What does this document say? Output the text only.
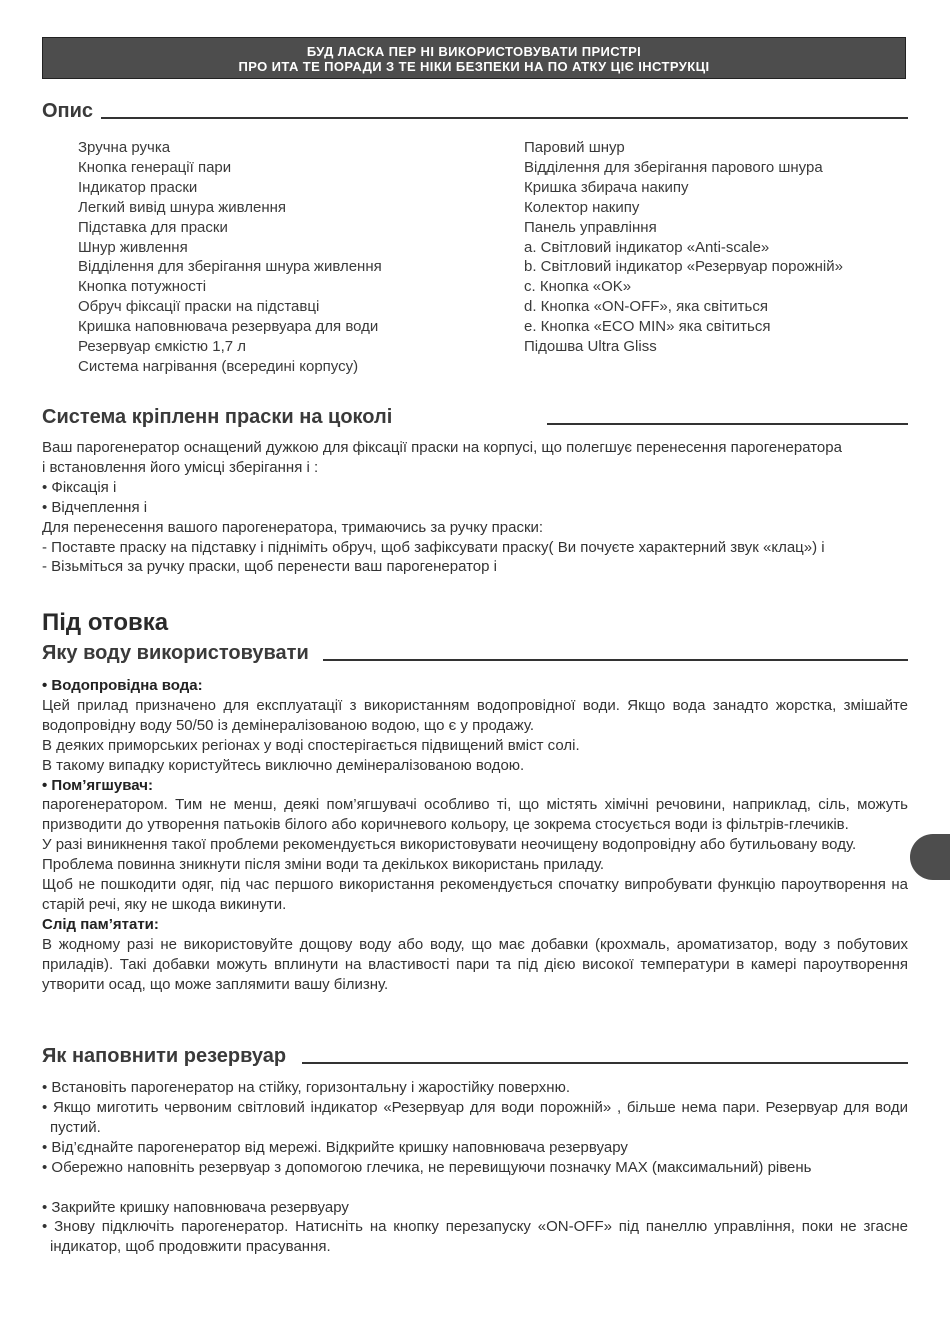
БУД ЛАСКА ПЕР НІ ВИКОРИСТОВУВАТИ ПРИСТРІ
ПРО ИТА ТЕ ПОРАДИ З ТЕ НІКИ БЕЗПЕКИ НА ПО АТКУ ЦІЄ ІНСТРУКЦІ
Опис
Зручна ручка
Кнопка генерації пари
Індикатор праски
Легкий вивід шнура живлення
Підставка для праски
Шнур живлення
Відділення для зберігання шнура живлення
Кнопка потужності
Обруч фіксації праски на підставці
Кришка наповнювача резервуара для води
Резервуар ємкістю 1,7 л
Система нагрівання (всередині корпусу)
Паровий шнур
Відділення для зберігання парового шнура
Кришка збирача накипу
Колектор накипу
Панель управління
a. Світловий індикатор «Anti-scale»
b. Світловий індикатор «Резервуар порожній»
c. Кнопка «OK»
d. Кнопка «ON-OFF», яка світиться
e. Кнопка «ECO MIN» яка світиться
Підошва Ultra Gliss
Система кріпленн праски на цоколі

Ваш парогенератор оснащений дужкою для фіксації праски на корпусі, що полегшує перенесення парогенератора

і встановлення його умісці зберігання і :

• Фіксація і

• Відчеплення і

Для перенесення вашого парогенератора, тримаючись за ручку праски:

- Поставте праску на підставку і підніміть обруч, щоб зафіксувати праску( Ви почуєте характерний звук «клац») і

- Візьміться за ручку праски, щоб перенести ваш парогенератор і

Під отовка
Яку воду використовувати

• Водопровідна вода:

Цей прилад призначено для експлуатації з використанням водопровідної води. Якщо вода занадто жорстка, змішайте водопровідну воду 50/50 із демінералізованою водою, що є у продажу.

В деяких приморських регіонах у воді спостерігається підвищений вміст солі.

В такому випадку користуйтесь виключно демінералізованою водою.

• Пом’ягшувач:

парогенератором. Тим не менш, деякі пом’ягшувачі особливо ті, що містять хімічні речовини, наприклад, сіль, можуть призводити до утворення патьоків білого або коричневого кольору, це зокрема стосується води із фільтрів-глечиків.

У разі виникнення такої проблеми рекомендується використовувати неочищену водопровідну або бутильовану воду.

Проблема повинна зникнути після зміни води та декількох використань приладу.

Щоб не пошкодити одяг, під час першого використання рекомендується спочатку випробувати функцію пароутворення на старій речі, яку не шкода викинути.

Слід пам’ятати:

В жодному разі не використовуйте дощову воду або воду, що має добавки (крохмаль, ароматизатор, воду з побутових приладів). Такі добавки можуть вплинути на властивості пари та під дією високої температури в камері пароутворення утворити осад, що може заплямити вашу білизну.

Як наповнити резервуар

• Встановіть парогенератор на стійку, горизонтальну і жаростійку поверхню.

• Якщо миготить червоним світловий індикатор «Резервуар для води порожній» , більше нема пари. Резервуар для води пустий.

• Від’єднайте парогенератор від мережі. Відкрийте кришку наповнювача резервуару

• Обережно наповніть резервуар з допомогою глечика, не перевищуючи позначку MAX (максимальний) рівень

• Закрийте кришку наповнювача резервуару

• Знову підключіть парогенератор. Натисніть на кнопку перезапуску «ON-OFF» під панеллю управління, поки не згасне індикатор, щоб продовжити прасування.
